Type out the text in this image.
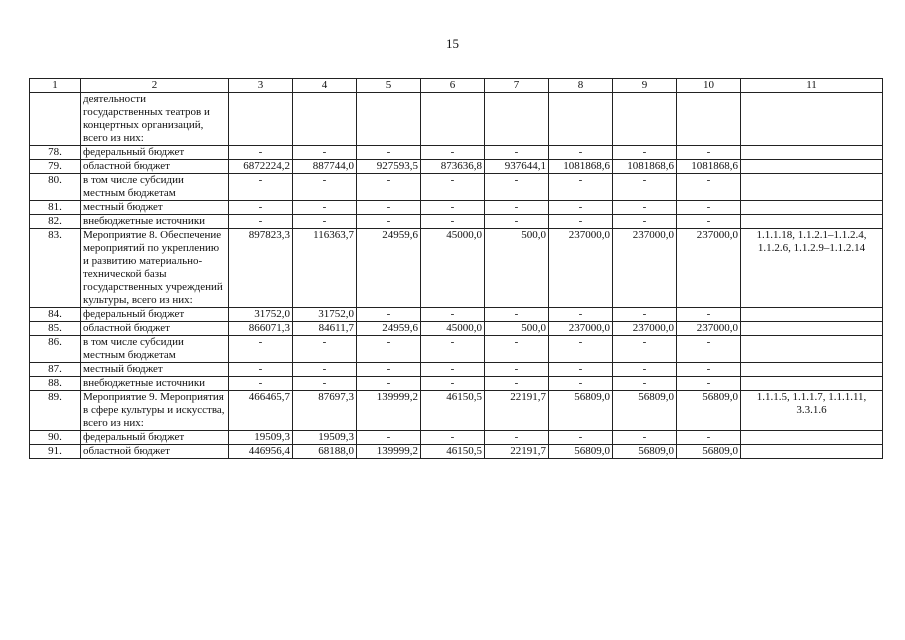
15
1	2	3	4	5	6	7	8	9	10	11
	деятельности государственных театров и концертных организаций, всего из них:									
78.	федеральный бюджет	-	-	-	-	-	-	-	-	
79.	областной бюджет	6872224,2	887744,0	927593,5	873636,8	937644,1	1081868,6	1081868,6	1081868,6	
80.	в том числе субсидии местным бюджетам	-	-	-	-	-	-	-	-	
81.	местный бюджет	-	-	-	-	-	-	-	-	
82.	внебюджетные источники	-	-	-	-	-	-	-	-	
83.	Мероприятие 8. Обеспечение мероприятий по укреплению и развитию материально-технической базы государственных учреждений культуры, всего из них:	897823,3	116363,7	24959,6	45000,0	500,0	237000,0	237000,0	237000,0	1.1.1.18, 1.1.2.1–1.1.2.4, 1.1.2.6, 1.1.2.9–1.1.2.14
84.	федеральный бюджет	31752,0	31752,0	-	-	-	-	-	-	
85.	областной бюджет	866071,3	84611,7	24959,6	45000,0	500,0	237000,0	237000,0	237000,0	
86.	в том числе субсидии местным бюджетам	-	-	-	-	-	-	-	-	
87.	местный бюджет	-	-	-	-	-	-	-	-	
88.	внебюджетные источники	-	-	-	-	-	-	-	-	
89.	Мероприятие 9. Мероприятия в сфере культуры и искусства, всего из них:	466465,7	87697,3	139999,2	46150,5	22191,7	56809,0	56809,0	56809,0	1.1.1.5, 1.1.1.7, 1.1.1.11, 3.3.1.6
90.	федеральный бюджет	19509,3	19509,3	-	-	-	-	-	-	
91.	областной бюджет	446956,4	68188,0	139999,2	46150,5	22191,7	56809,0	56809,0	56809,0	
